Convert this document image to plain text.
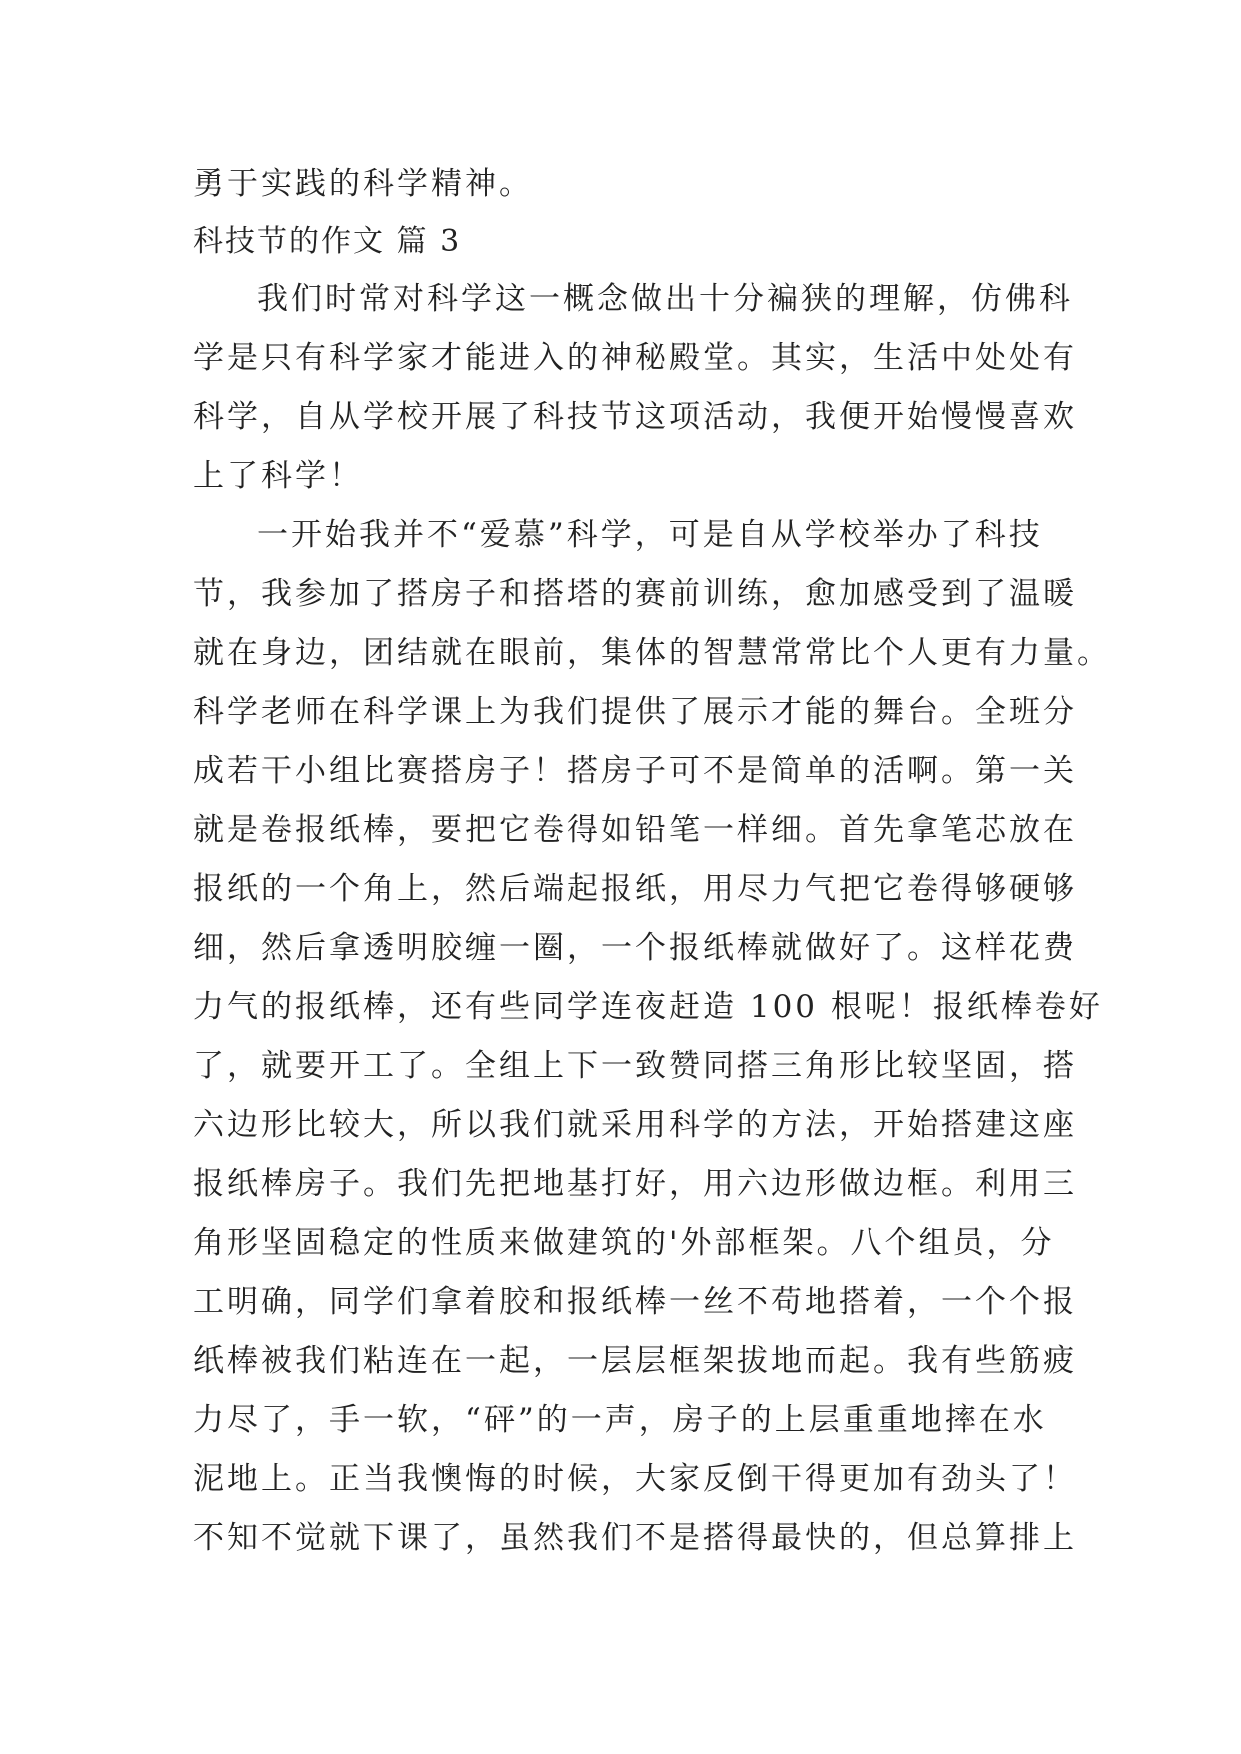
勇于实践的科学精神。
科技节的作文 篇 3
我们时常对科学这一概念做出十分褊狭的理解，仿佛科
学是只有科学家才能进入的神秘殿堂。其实，生活中处处有
科学，自从学校开展了科技节这项活动，我便开始慢慢喜欢
上了科学！
一开始我并不“爱慕”科学，可是自从学校举办了科技
节，我参加了搭房子和搭塔的赛前训练，愈加感受到了温暖
就在身边，团结就在眼前，集体的智慧常常比个人更有力量。
科学老师在科学课上为我们提供了展示才能的舞台。全班分
成若干小组比赛搭房子！搭房子可不是简单的活啊。第一关
就是卷报纸棒，要把它卷得如铅笔一样细。首先拿笔芯放在
报纸的一个角上，然后端起报纸，用尽力气把它卷得够硬够
细，然后拿透明胶缠一圈，一个报纸棒就做好了。这样花费
力气的报纸棒，还有些同学连夜赶造 100 根呢！报纸棒卷好
了，就要开工了。全组上下一致赞同搭三角形比较坚固，搭
六边形比较大，所以我们就采用科学的方法，开始搭建这座
报纸棒房子。我们先把地基打好，用六边形做边框。利用三
角形坚固稳定的性质来做建筑的'外部框架。八个组员，分
工明确，同学们拿着胶和报纸棒一丝不苟地搭着，一个个报
纸棒被我们粘连在一起，一层层框架拔地而起。我有些筋疲
力尽了，手一软，“砰”的一声，房子的上层重重地摔在水
泥地上。正当我懊悔的时候，大家反倒干得更加有劲头了！
不知不觉就下课了，虽然我们不是搭得最快的，但总算排上
